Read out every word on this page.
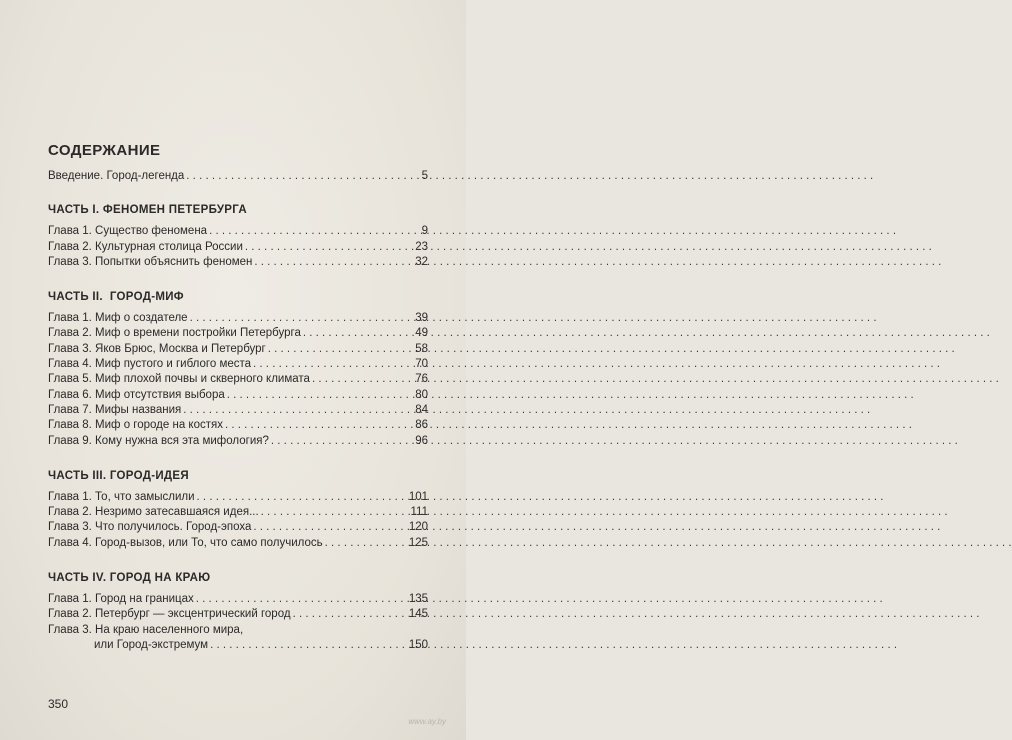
СОДЕРЖАНИЕ
Введение. Город-легенда . . .	5
ЧАСТЬ I. ФЕНОМЕН ПЕТЕРБУРГА
Глава 1. Существо феномена . . .	9
Глава 2. Культурная столица России . . .	23
Глава 3. Попытки объяснить феномен . . .	32
ЧАСТЬ II.  ГОРОД-МИФ
Глава 1. Миф о создателе . . .	39
Глава 2. Миф о времени постройки Петербурга . . .	49
Глава 3. Яков Брюс, Москва и Петербург . . .	58
Глава 4. Миф пустого и гиблого места . . .	70
Глава 5. Миф плохой почвы и скверного климата . . .	76
Глава 6. Миф отсутствия выбора . . .	80
Глава 7. Мифы названия . . .	84
Глава 8. Миф о городе на костях . . .	86
Глава 9. Кому нужна вся эта мифология? . . .	96
ЧАСТЬ III. ГОРОД-ИДЕЯ
Глава 1. То, что замыслили . . .	101
Глава 2. Незримо затесавшаяся идея... . . .	111
Глава 3. Что получилось. Город-эпоха . . .	120
Глава 4. Город-вызов, или То, что само получилось . . .	125
ЧАСТЬ IV. ГОРОД НА КРАЮ
Глава 1. Город на границах . . .	135
Глава 2. Петербург — эксцентрический город . . .	145
Глава 3. На краю населенного мира,
или Город-экстремум . . .	150
350
www.ay.by
